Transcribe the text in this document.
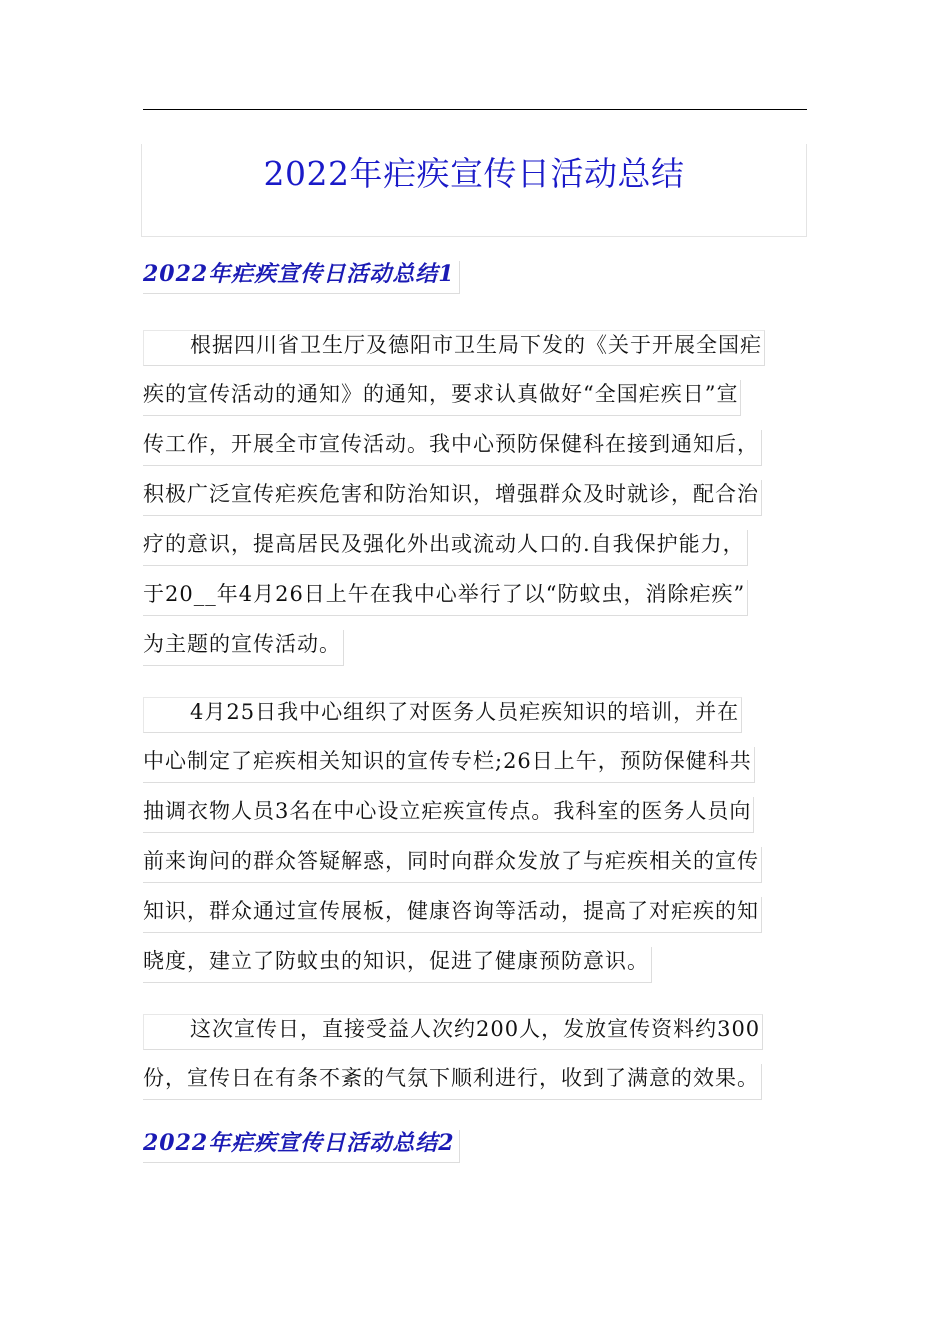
2022年疟疾宣传日活动总结
2022年疟疾宣传日活动总结1
根据四川省卫生厅及德阳市卫生局下发的《关于开展全国疟
疾的宣传活动的通知》的通知，要求认真做好“全国疟疾日”宣
传工作，开展全市宣传活动。我中心预防保健科在接到通知后，
积极广泛宣传疟疾危害和防治知识，增强群众及时就诊，配合治
疗的意识，提高居民及强化外出或流动人口的.自我保护能力，
于20__年4月26日上午在我中心举行了以“防蚊虫，消除疟疾”
为主题的宣传活动。
4月25日我中心组织了对医务人员疟疾知识的培训，并在
中心制定了疟疾相关知识的宣传专栏;26日上午，预防保健科共
抽调衣物人员3名在中心设立疟疾宣传点。我科室的医务人员向
前来询问的群众答疑解惑，同时向群众发放了与疟疾相关的宣传
知识，群众通过宣传展板，健康咨询等活动，提高了对疟疾的知
晓度，建立了防蚊虫的知识，促进了健康预防意识。
这次宣传日，直接受益人次约200人，发放宣传资料约300
份，宣传日在有条不紊的气氛下顺利进行，收到了满意的效果。
2022年疟疾宣传日活动总结2
